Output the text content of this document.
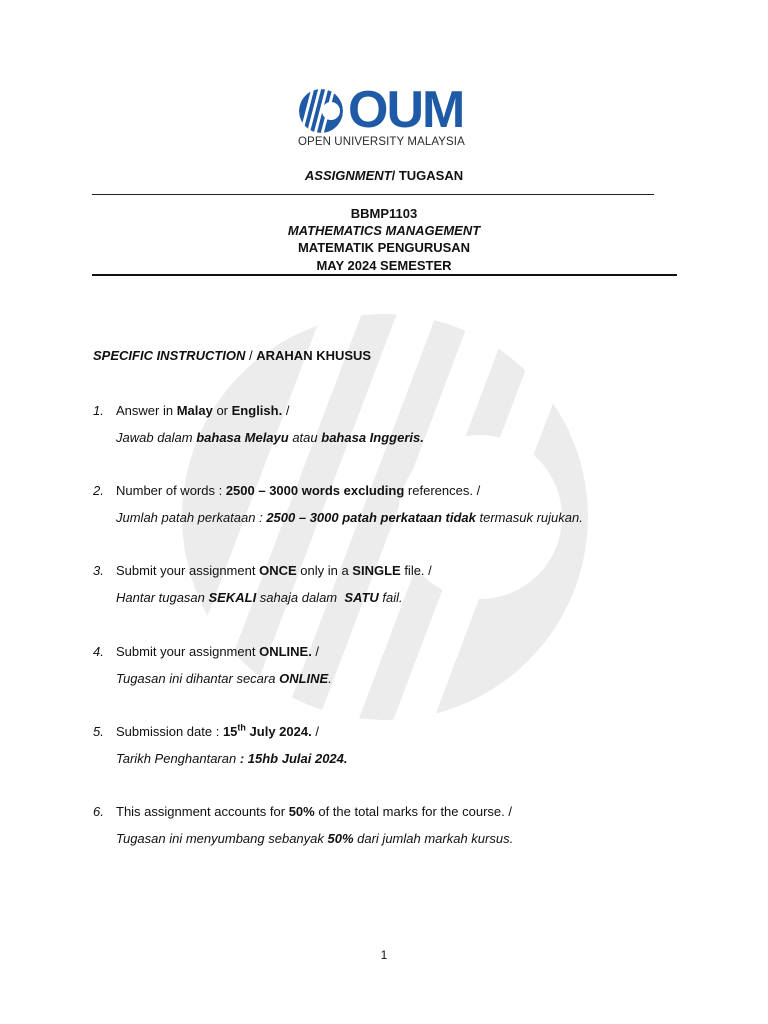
OUM
OPEN UNIVERSITY MALAYSIA
ASSIGNMENT/ TUGASAN
BBMP1103
MATHEMATICS MANAGEMENT
MATEMATIK PENGURUSAN
MAY 2024 SEMESTER
SPECIFIC INSTRUCTION / ARAHAN KHUSUS
1. Answer in Malay or English. /
Jawab dalam bahasa Melayu atau bahasa Inggeris.
2. Number of words : 2500 – 3000 words excluding references. /
Jumlah patah perkataan : 2500 – 3000 patah perkataan tidak termasuk rujukan.
3. Submit your assignment ONCE only in a SINGLE file. /
Hantar tugasan SEKALI sahaja dalam  SATU fail.
4. Submit your assignment ONLINE. /
Tugasan ini dihantar secara ONLINE.
5. Submission date : 15th July 2024. /
Tarikh Penghantaran : 15hb Julai 2024.
6. This assignment accounts for 50% of the total marks for the course. /
Tugasan ini menyumbang sebanyak 50% dari jumlah markah kursus.
1
